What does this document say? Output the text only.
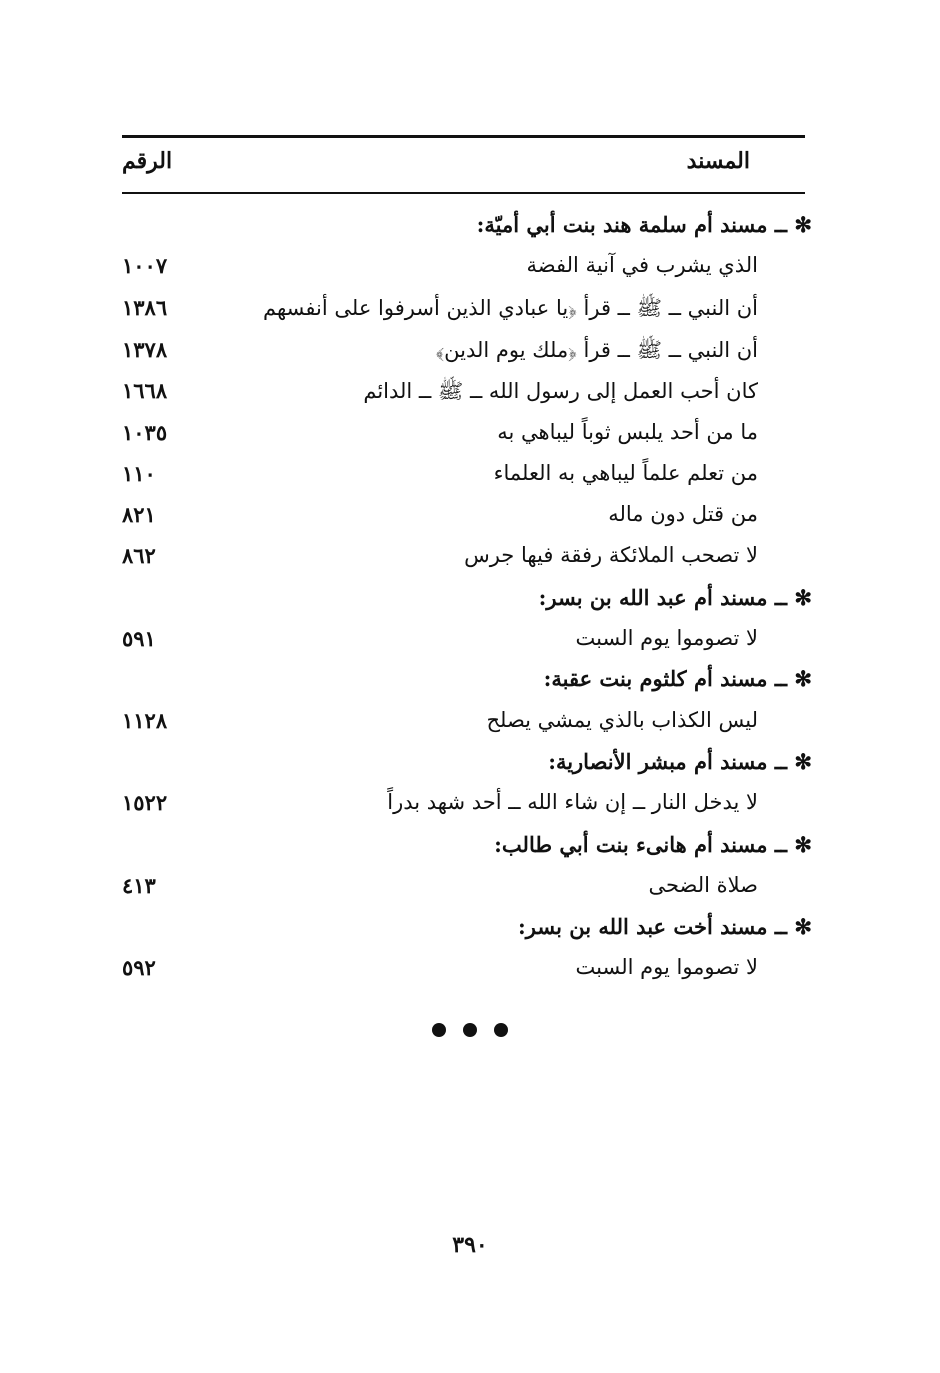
المسند
الرقم
✻ ــ مسند أم سلمة هند بنت أبي أميّة:
الذي يشرب في آنية الفضة
١٠٠٧
أن النبي ــ ﷺ ــ قرأ ﴿يا عبادي الذين أسرفوا على أنفسهم
١٣٨٦
أن النبي ــ ﷺ ــ قرأ ﴿ملك يوم الدين﴾
١٣٧٨
كان أحب العمل إلى رسول الله ــ ﷺ ــ الدائم
١٦٦٨
ما من أحد يلبس ثوباً ليباهي به
١٠٣٥
من تعلم علماً ليباهي به العلماء
١١٠
من قتل دون ماله
٨٢١
لا تصحب الملائكة رفقة فيها جرس
٨٦٢
✻ ــ مسند أم عبد الله بن بسر:
لا تصوموا يوم السبت
٥٩١
✻ ــ مسند أم كلثوم بنت عقبة:
ليس الكذاب بالذي يمشي يصلح
١١٢٨
✻ ــ مسند أم مبشر الأنصارية:
لا يدخل النار ــ إن شاء الله ــ أحد شهد بدراً
١٥٢٢
✻ ــ مسند أم هانىء بنت أبي طالب:
صلاة الضحى
٤١٣
✻ ــ مسند أخت عبد الله بن بسر:
لا تصوموا يوم السبت
٥٩٢

٣٩٠
